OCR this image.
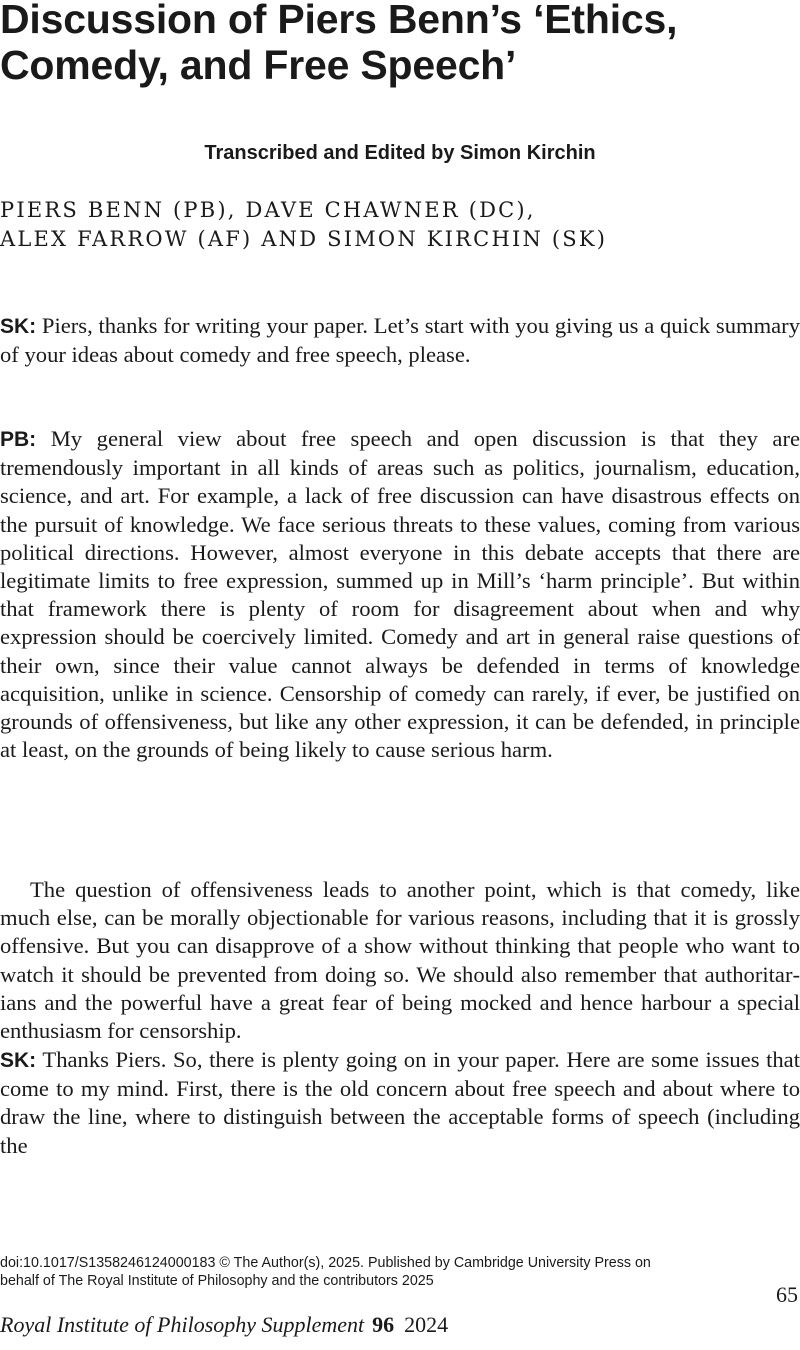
Discussion of Piers Benn’s ‘Ethics,
Comedy, and Free Speech’
Transcribed and Edited by Simon Kirchin
PIERS BENN (PB), DAVE CHAWNER (DC),
ALEX FARROW (AF) AND SIMON KIRCHIN (SK)

SK: Piers, thanks for writing your paper. Let’s start with you giving us a quick summary of your ideas about comedy and free speech, please.

PB: My general view about free speech and open discussion is that they are tremendously important in all kinds of areas such as politics, journalism, education, science, and art. For example, a lack of free discussion can have disastrous effects on the pursuit of knowledge. We face serious threats to these values, coming from various political directions. However, almost everyone in this debate accepts that there are legitimate limits to free expression, summed up in Mill’s ‘harm principle’. But within that framework there is plenty of room for disagreement about when and why expression should be coercively limited. Comedy and art in general raise questions of their own, since their value cannot always be defended in terms of knowledge acquisition, unlike in science. Censorship of comedy can rarely, if ever, be justified on grounds of offensiveness, but like any other expression, it can be defended, in principle at least, on the grounds of being likely to cause serious harm.

The question of offensiveness leads to another point, which is that comedy, like much else, can be morally objectionable for various reasons, including that it is grossly offensive. But you can disapprove of a show without thinking that people who want to watch it should be prevented from doing so. We should also remember that authoritarians and the powerful have a great fear of being mocked and hence harbour a special enthusiasm for censorship.

SK: Thanks Piers. So, there is plenty going on in your paper. Here are some issues that come to my mind. First, there is the old concern about free speech and about where to draw the line, where to distinguish between the acceptable forms of speech (including the

doi:10.1017/S1358246124000183 © The Author(s), 2025. Published by Cambridge University Press on
behalf of The Royal Institute of Philosophy and the contributors 2025
65
Royal Institute of Philosophy Supplement 96 2024
